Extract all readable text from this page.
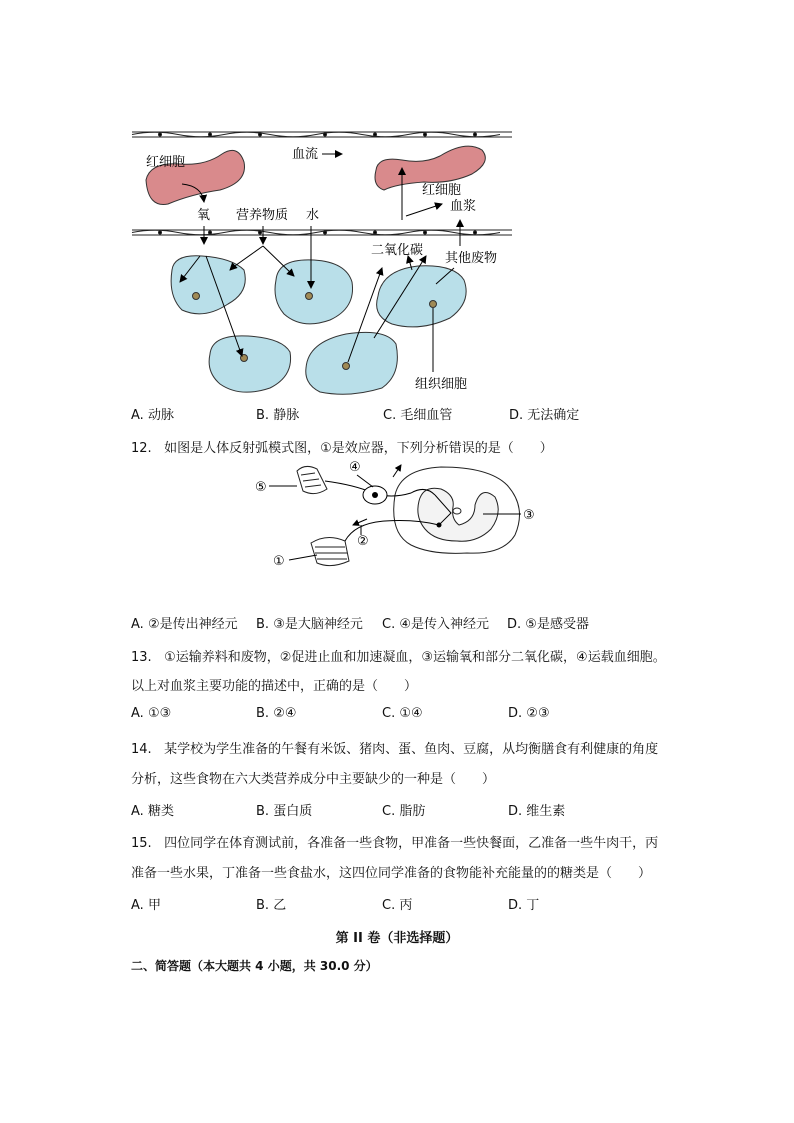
红细胞
血流
氧 营养物质 水
红细胞
血浆
二氧化碳
其他废物
组织细胞
A. 动脉	B. 静脉	C. 毛细血管	D. 无法确定
12. 如图是人体反射弧模式图，①是效应器，下列分析错误的是（　　）
⑤
④
③
②
①
A. ②是传出神经元 B. ③是大脑神经元 C. ④是传入神经元 D. ⑤是感受器
13. ①运输养料和废物，②促进止血和加速凝血，③运输氧和部分二氧化碳，④运载血细胞。
以上对血浆主要功能的描述中，正确的是（　　）
A. ①③	B. ②④	C. ①④	D. ②③
14. 某学校为学生准备的午餐有米饭、猪肉、蛋、鱼肉、豆腐，从均衡膳食有利健康的角度
分析，这些食物在六大类营养成分中主要缺少的一种是（　　）
A. 糖类	B. 蛋白质	C. 脂肪	D. 维生素
15. 四位同学在体育测试前，各准备一些食物，甲准备一些快餐面，乙准备一些牛肉干，丙
准备一些水果，丁准备一些食盐水，这四位同学准备的食物能补充能量的的糖类是（　　）
A. 甲	B. 乙	C. 丙	D. 丁
第 II 卷（非选择题）
二、简答题（本大题共 4 小题，共 30.0 分）
